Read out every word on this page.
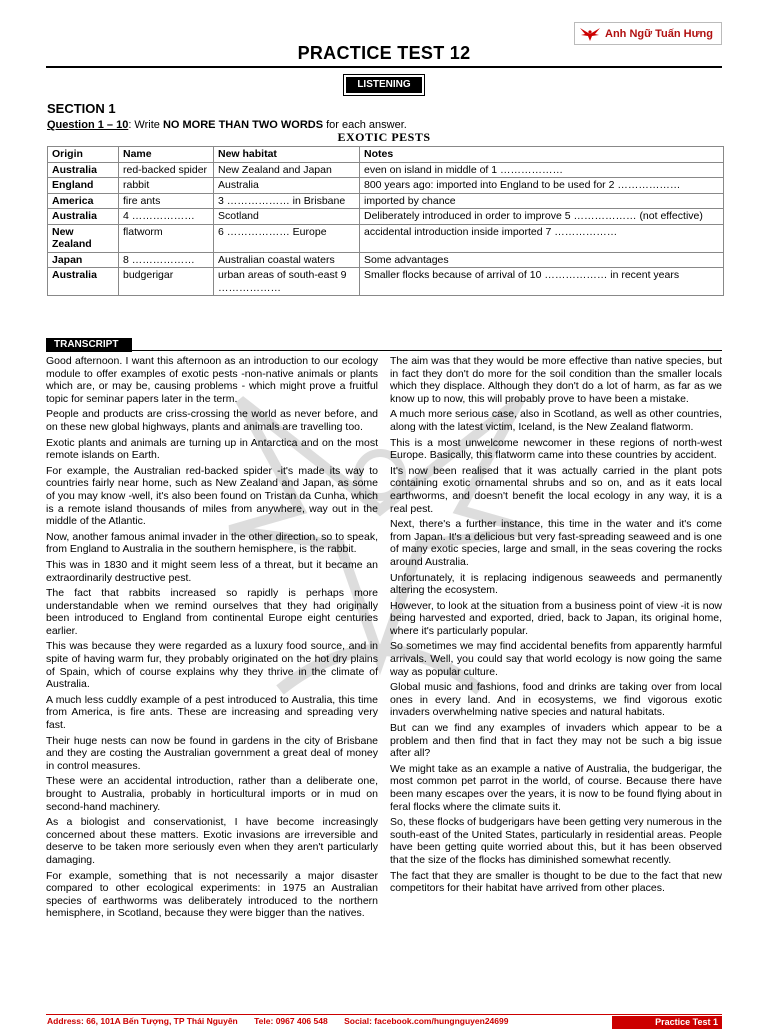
Anh Ngữ Tuấn Hưng
PRACTICE TEST 12
LISTENING
SECTION 1
Question 1 – 10: Write NO MORE THAN TWO WORDS for each answer.
EXOTIC PESTS
Origin	Name	New habitat	Notes
Australia	red-backed spider	New Zealand and Japan	even on island in middle of 1 ………………
England	rabbit	Australia	800 years ago: imported into England to be used for 2 ………………
America	fire ants	3 ……………… in Brisbane	imported by chance
Australia	4 ………………	Scotland	Deliberately introduced in order to improve 5 ……………… (not effective)
New Zealand	flatworm	6 ……………… Europe	accidental introduction inside imported 7 ………………
Japan	8 ………………	Australian coastal waters	Some advantages
Australia	budgerigar	urban areas of south-east 9 ………………	Smaller flocks because of arrival of 10 ……………… in recent years
TRANSCRIPT

Good afternoon. I want this afternoon as an introduction to our ecology module to offer examples of exotic pests -non-native animals or plants which are, or may be, causing problems - which might prove a fruitful topic for seminar papers later in the term.

People and products are criss-crossing the world as never before, and on these new global highways, plants and animals are travelling too.

Exotic plants and animals are turning up in Antarctica and on the most remote islands on Earth.

For example, the Australian red-backed spider -it's made its way to countries fairly near home, such as New Zealand and Japan, as some of you may know -well, it's also been found on Tristan da Cunha, which is a remote island thousands of miles from anywhere, way out in the middle of the Atlantic.

Now, another famous animal invader in the other direction, so to speak, from England to Australia in the southern hemisphere, is the rabbit.

This was in 1830 and it might seem less of a threat, but it became an extraordinarily destructive pest.

The fact that rabbits increased so rapidly is perhaps more understandable when we remind ourselves that they had originally been introduced to England from continental Europe eight centuries earlier.

This was because they were regarded as a luxury food source, and in spite of having warm fur, they probably originated on the hot dry plains of Spain, which of course explains why they thrive in the climate of Australia.

A much less cuddly example of a pest introduced to Australia, this time from America, is fire ants. These are increasing and spreading very fast.

Their huge nests can now be found in gardens in the city of Brisbane and they are costing the Australian government a great deal of money in control measures.

These were an accidental introduction, rather than a deliberate one, brought to Australia, probably in horticultural imports or in mud on second-hand machinery.

As a biologist and conservationist, I have become increasingly concerned about these matters. Exotic invasions are irreversible and deserve to be taken more seriously even when they aren't particularly damaging.

For example, something that is not necessarily a major disaster compared to other ecological experiments: in 1975 an Australian species of earthworms was deliberately introduced to the northern hemisphere, in Scotland, because they were bigger than the natives.

The aim was that they would be more effective than native species, but in fact they don't do more for the soil condition than the smaller locals which they displace. Although they don't do a lot of harm, as far as we know up to now, this will probably prove to have been a mistake.

A much more serious case, also in Scotland, as well as other countries, along with the latest victim, Iceland, is the New Zealand flatworm.

This is a most unwelcome newcomer in these regions of north-west Europe. Basically, this flatworm came into these countries by accident.

It's now been realised that it was actually carried in the plant pots containing exotic ornamental shrubs and so on, and as it eats local earthworms, and doesn't benefit the local ecology in any way, it is a real pest.

Next, there's a further instance, this time in the water and it's come from Japan. It's a delicious but very fast-spreading seaweed and is one of many exotic species, large and small, in the seas covering the rocks around Australia.

Unfortunately, it is replacing indigenous seaweeds and permanently altering the ecosystem.

However, to look at the situation from a business point of view -it is now being harvested and exported, dried, back to Japan, its original home, where it's particularly popular.

So sometimes we may find accidental benefits from apparently harmful arrivals. Well, you could say that world ecology is now going the same way as popular culture.

Global music and fashions, food and drinks are taking over from local ones in every land. And in ecosystems, we find vigorous exotic invaders overwhelming native species and natural habitats.

But can we find any examples of invaders which appear to be a problem and then find that in fact they may not be such a big issue after all?

We might take as an example a native of Australia, the budgerigar, the most common pet parrot in the world, of course. Because there have been many escapes over the years, it is now to be found flying about in feral flocks where the climate suits it.

So, these flocks of budgerigars have been getting very numerous in the south-east of the United States, particularly in residential areas. People have been getting quite worried about this, but it has been observed that the size of the flocks has diminished somewhat recently.

The fact that they are smaller is thought to be due to the fact that new competitors for their habitat have arrived from other places.

Address: 66, 101A Bến Tượng, TP Thái Nguyên Tele: 0967 406 548 Social: facebook.com/hungnguyen24699	Practice Test 1
